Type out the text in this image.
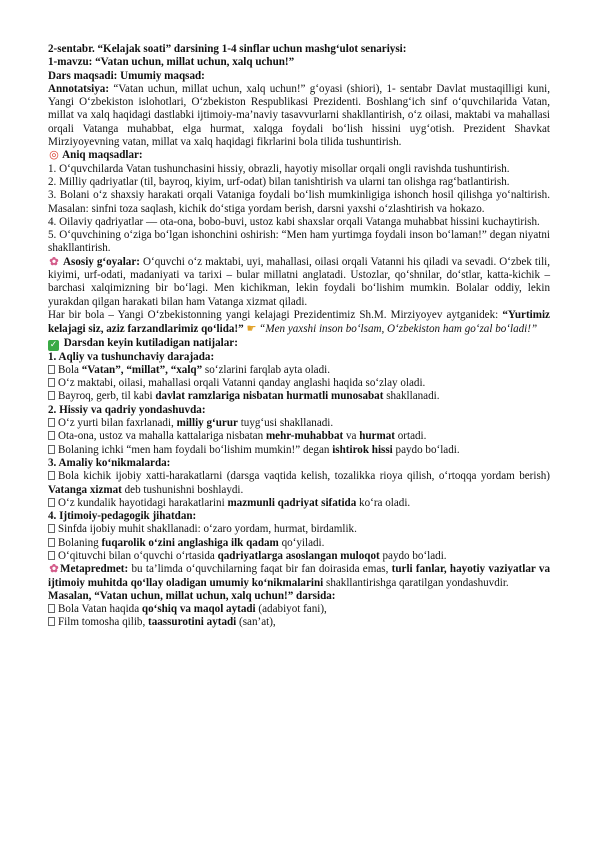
2-sentabr. “Kelajak soati” darsining 1-4 sinflar uchun mashg‘ulot senariysi:

1-mavzu: “Vatan uchun, millat uchun, xalq uchun!”

Dars maqsadi: Umumiy maqsad:

Annotatsiya: “Vatan uchun, millat uchun, xalq uchun!” g‘oyasi (shiori), 1- sentabr Davlat mustaqilligi kuni, Yangi O‘zbekiston islohotlari, O‘zbekiston Respublikasi Prezidenti. Boshlang‘ich sinf o‘quvchilarida Vatan, millat va xalq haqidagi dastlabki ijtimoiy-ma’naviy tasavvurlarni shakllantirish, o‘z oilasi, maktabi va mahallasi orqali Vatanga muhabbat, elga hurmat, xalqga foydali bo‘lish hissini uyg‘otish. Prezident Shavkat Mirziyoyevning vatan, millat va xalq haqidagi fikrlarini bola tilida tushuntirish.

◎ Aniq maqsadlar:

1. O‘quvchilarda Vatan tushunchasini hissiy, obrazli, hayotiy misollar orqali ongli ravishda tushuntirish.

2. Milliy qadriyatlar (til, bayroq, kiyim, urf-odat) bilan tanishtirish va ularni tan olishga rag‘batlantirish.

3. Bolani o‘z shaxsiy harakati orqali Vataniga foydali bo‘lish mumkinligiga ishonch hosil qilishga yo‘naltirish. Masalan: sinfni toza saqlash, kichik do‘stiga yordam berish, darsni yaxshi o‘zlashtirish va hokazo.

4. Oilaviy qadriyatlar — ota-ona, bobo-buvi, ustoz kabi shaxslar orqali Vatanga muhabbat hissini kuchaytirish.

5. O‘quvchining o‘ziga bo‘lgan ishonchini oshirish: “Men ham yurtimga foydali inson bo‘laman!” degan niyatni shakllantirish.

✿ Asosiy g‘oyalar: O‘quvchi o‘z maktabi, uyi, mahallasi, oilasi orqali Vatanni his qiladi va sevadi. O‘zbek tili, kiyimi, urf-odati, madaniyati va tarixi – bular millatni anglatadi. Ustozlar, qo‘shnilar, do‘stlar, katta-kichik – barchasi xalqimizning bir bo‘lagi. Men kichikman, lekin foydali bo‘lishim mumkin. Bolalar oddiy, lekin yurakdan qilgan harakati bilan ham Vatanga xizmat qiladi.

Har bir bola – Yangi O‘zbekistonning yangi kelajagi Prezidentimiz Sh.M. Mirziyoyev aytganidek: “Yurtimiz kelajagi siz, aziz farzandlarimiz qo‘lida!” ☛ “Men yaxshi inson bo‘lsam, O‘zbekiston ham go‘zal bo‘ladi!”

✓ Darsdan keyin kutiladigan natijalar:

1. Aqliy va tushunchaviy darajada:

Bola “Vatan”, “millat”, “xalq” so‘zlarini farqlab ayta oladi.

O‘z maktabi, oilasi, mahallasi orqali Vatanni qanday anglashi haqida so‘zlay oladi.

Bayroq, gerb, til kabi davlat ramzlariga nisbatan hurmatli munosabat shakllanadi.

2. Hissiy va qadriy yondashuvda:

O‘z yurti bilan faxrlanadi, milliy g‘urur tuyg‘usi shakllanadi.

Ota-ona, ustoz va mahalla kattalariga nisbatan mehr-muhabbat va hurmat ortadi.

Bolaning ichki “men ham foydali bo‘lishim mumkin!” degan ishtirok hissi paydo bo‘ladi.

3. Amaliy ko‘nikmalarda:

Bola kichik ijobiy xatti-harakatlarni (darsga vaqtida kelish, tozalikka rioya qilish, o‘rtoqqa yordam berish) Vatanga xizmat deb tushunishni boshlaydi.

O‘z kundalik hayotidagi harakatlarini mazmunli qadriyat sifatida ko‘ra oladi.

4. Ijtimoiy-pedagogik jihatdan:

Sinfda ijobiy muhit shakllanadi: o‘zaro yordam, hurmat, birdamlik.

Bolaning fuqarolik o‘zini anglashiga ilk qadam qo‘yiladi.

O‘qituvchi bilan o‘quvchi o‘rtasida qadriyatlarga asoslangan muloqot paydo bo‘ladi.

✿Metapredmet: bu ta’limda o‘quvchilarning faqat bir fan doirasida emas, turli fanlar, hayotiy vaziyatlar va ijtimoiy muhitda qo‘llay oladigan umumiy ko‘nikmalarini shakllantirishga qaratilgan yondashuvdir.

Masalan, “Vatan uchun, millat uchun, xalq uchun!” darsida:

Bola Vatan haqida qo‘shiq va maqol aytadi (adabiyot fani),

Film tomosha qilib, taassurotini aytadi (san’at),
